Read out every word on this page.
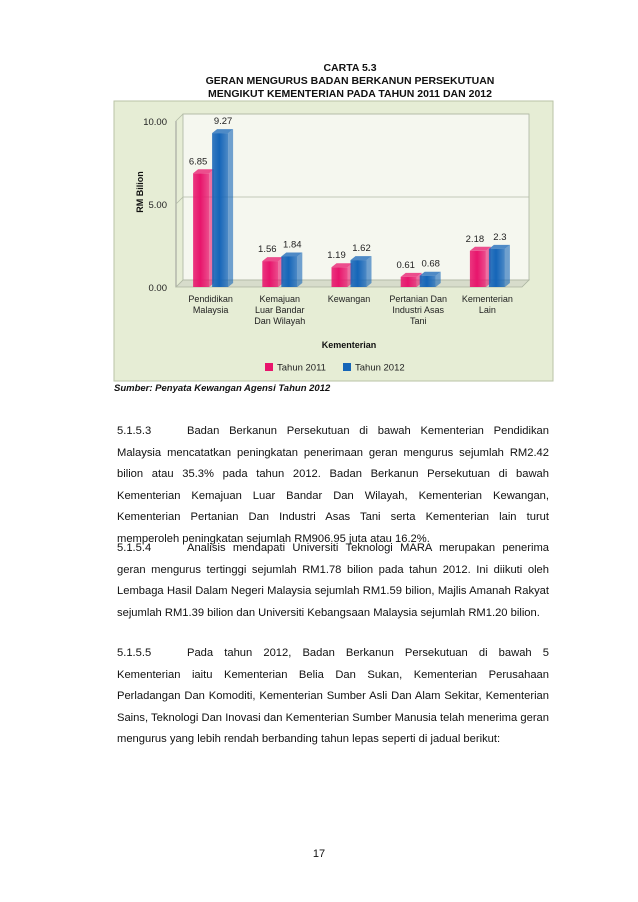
CARTA 5.3
GERAN MENGURUS BADAN BERKANUN PERSEKUTUAN
MENGIKUT KEMENTERIAN PADA TAHUN 2011 DAN 2012
0.00
5.00
10.00
RM Bilion
6.85
9.27
Pendidikan Malaysia
1.56 1.84
Kemajuan Luar Bandar Dan Wilayah
1.19
1.62
Kewangan
0.61 0.68
Pertanian Dan Industri Asas Tani
2.18 2.3
Kementerian Lain
Kementerian
Tahun 2011	Tahun 2012
Sumber: Penyata Kewangan Agensi Tahun 2012
5.1.5.3	Badan Berkanun Persekutuan di bawah Kementerian Pendidikan Malaysia mencatatkan peningkatan penerimaan geran mengurus sejumlah RM2.42 bilion atau 35.3% pada tahun 2012. Badan Berkanun Persekutuan di bawah Kementerian Kemajuan Luar Bandar Dan Wilayah, Kementerian Kewangan, Kementerian Pertanian Dan Industri Asas Tani serta Kementerian lain turut memperoleh peningkatan sejumlah RM906.95 juta atau 16.2%.
5.1.5.4	Analisis mendapati Universiti Teknologi MARA merupakan penerima geran mengurus tertinggi sejumlah RM1.78 bilion pada tahun 2012. Ini diikuti oleh Lembaga Hasil Dalam Negeri Malaysia sejumlah RM1.59 bilion, Majlis Amanah Rakyat sejumlah RM1.39 bilion dan Universiti Kebangsaan Malaysia sejumlah RM1.20 bilion.
5.1.5.5	Pada tahun 2012, Badan Berkanun Persekutuan di bawah 5 Kementerian iaitu Kementerian Belia Dan Sukan, Kementerian Perusahaan Perladangan Dan Komoditi, Kementerian Sumber Asli Dan Alam Sekitar, Kementerian Sains, Teknologi Dan Inovasi dan Kementerian Sumber Manusia telah menerima geran mengurus yang lebih rendah berbanding tahun lepas seperti di jadual berikut:
17
